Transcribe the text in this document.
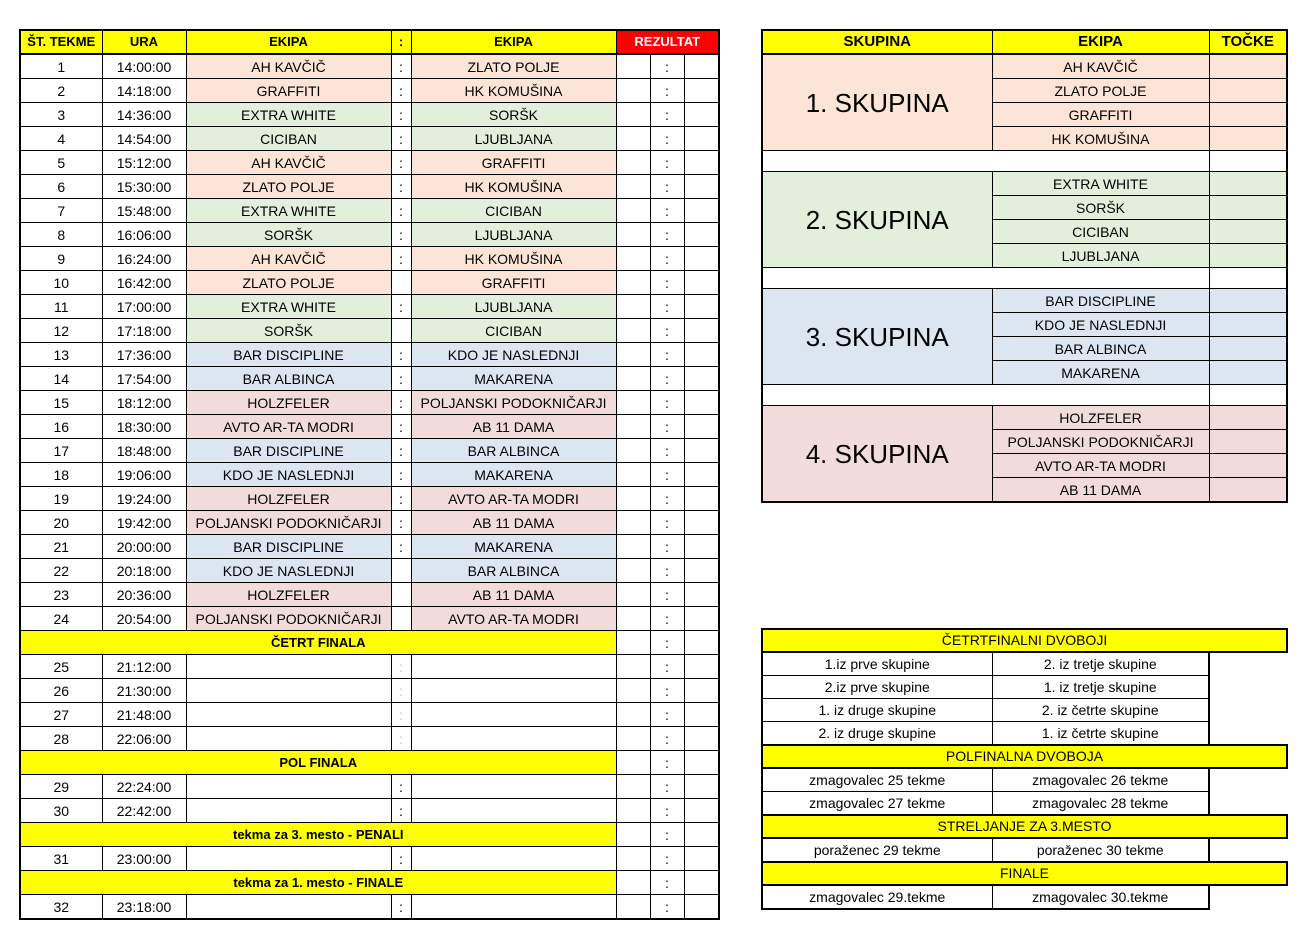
ŠT. TEKME	URA	EKIPA	:	EKIPA	REZULTAT		
1	14:00:00	AH KAVČIČ	:	ZLATO POLJE		:	
2	14:18:00	GRAFFITI	:	HK KOMUŠINA		:	
3	14:36:00	EXTRA WHITE	:	SORŠK		:	
4	14:54:00	CICIBAN	:	LJUBLJANA		:	
5	15:12:00	AH KAVČIČ	:	GRAFFITI		:	
6	15:30:00	ZLATO POLJE	:	HK KOMUŠINA		:	
7	15:48:00	EXTRA WHITE	:	CICIBAN		:	
8	16:06:00	SORŠK	:	LJUBLJANA		:	
9	16:24:00	AH KAVČIČ	:	HK KOMUŠINA		:	
10	16:42:00	ZLATO POLJE		GRAFFITI		:	
11	17:00:00	EXTRA WHITE	:	LJUBLJANA		:	
12	17:18:00	SORŠK		CICIBAN		:	
13	17:36:00	BAR DISCIPLINE	:	KDO JE NASLEDNJI		:	
14	17:54:00	BAR ALBINCA	:	MAKARENA		:	
15	18:12:00	HOLZFELER	:	POLJANSKI PODOKNIČARJI		:	
16	18:30:00	AVTO AR-TA MODRI	:	AB 11 DAMA		:	
17	18:48:00	BAR DISCIPLINE	:	BAR ALBINCA		:	
18	19:06:00	KDO JE NASLEDNJI	:	MAKARENA		:	
19	19:24:00	HOLZFELER	:	AVTO AR-TA MODRI		:	
20	19:42:00	POLJANSKI PODOKNIČARJI	:	AB 11 DAMA		:	
21	20:00:00	BAR DISCIPLINE	:	MAKARENA		:	
22	20:18:00	KDO JE NASLEDNJI		BAR ALBINCA		:	
23	20:36:00	HOLZFELER		AB 11 DAMA		:	
24	20:54:00	POLJANSKI PODOKNIČARJI		AVTO AR-TA MODRI		:	
ČETRT FINALA						:	
25	21:12:00		:			:	
26	21:30:00		:			:	
27	21:48:00		:			:	
28	22:06:00		:			:	
POL FINALA						:	
29	22:24:00		:			:	
30	22:42:00		:			:	
tekma za 3. mesto - PENALI						:	
31	23:00:00		:			:	
tekma za 1. mesto - FINALE						:	
32	23:18:00		:			:	
SKUPINA	EKIPA	TOČKE
1. SKUPINA	AH KAVČIČ	
	ZLATO POLJE	
	GRAFFITI	
	HK KOMUŠINA	

2. SKUPINA	EXTRA WHITE	
	SORŠK	
	CICIBAN	
	LJUBLJANA	

3. SKUPINA	BAR DISCIPLINE	
	KDO JE NASLEDNJI	
	BAR ALBINCA	
	MAKARENA	

4. SKUPINA	HOLZFELER	
	POLJANSKI PODOKNIČARJI	
	AVTO AR-TA MODRI	
	AB 11 DAMA	
ČETRTFINALNI DVOBOJI		
1.iz prve skupine	2. iz tretje skupine	
2.iz prve skupine	1. iz tretje skupine	
1. iz druge skupine	2. iz četrte skupine	
2. iz druge skupine	1. iz četrte skupine	
POLFINALNA DVOBOJA		
zmagovalec 25 tekme	zmagovalec 26 tekme	
zmagovalec 27 tekme	zmagovalec 28 tekme	
STRELJANJE ZA 3.MESTO		
poraženec 29 tekme	poraženec 30 tekme	
FINALE		
zmagovalec 29.tekme	zmagovalec 30.tekme	
